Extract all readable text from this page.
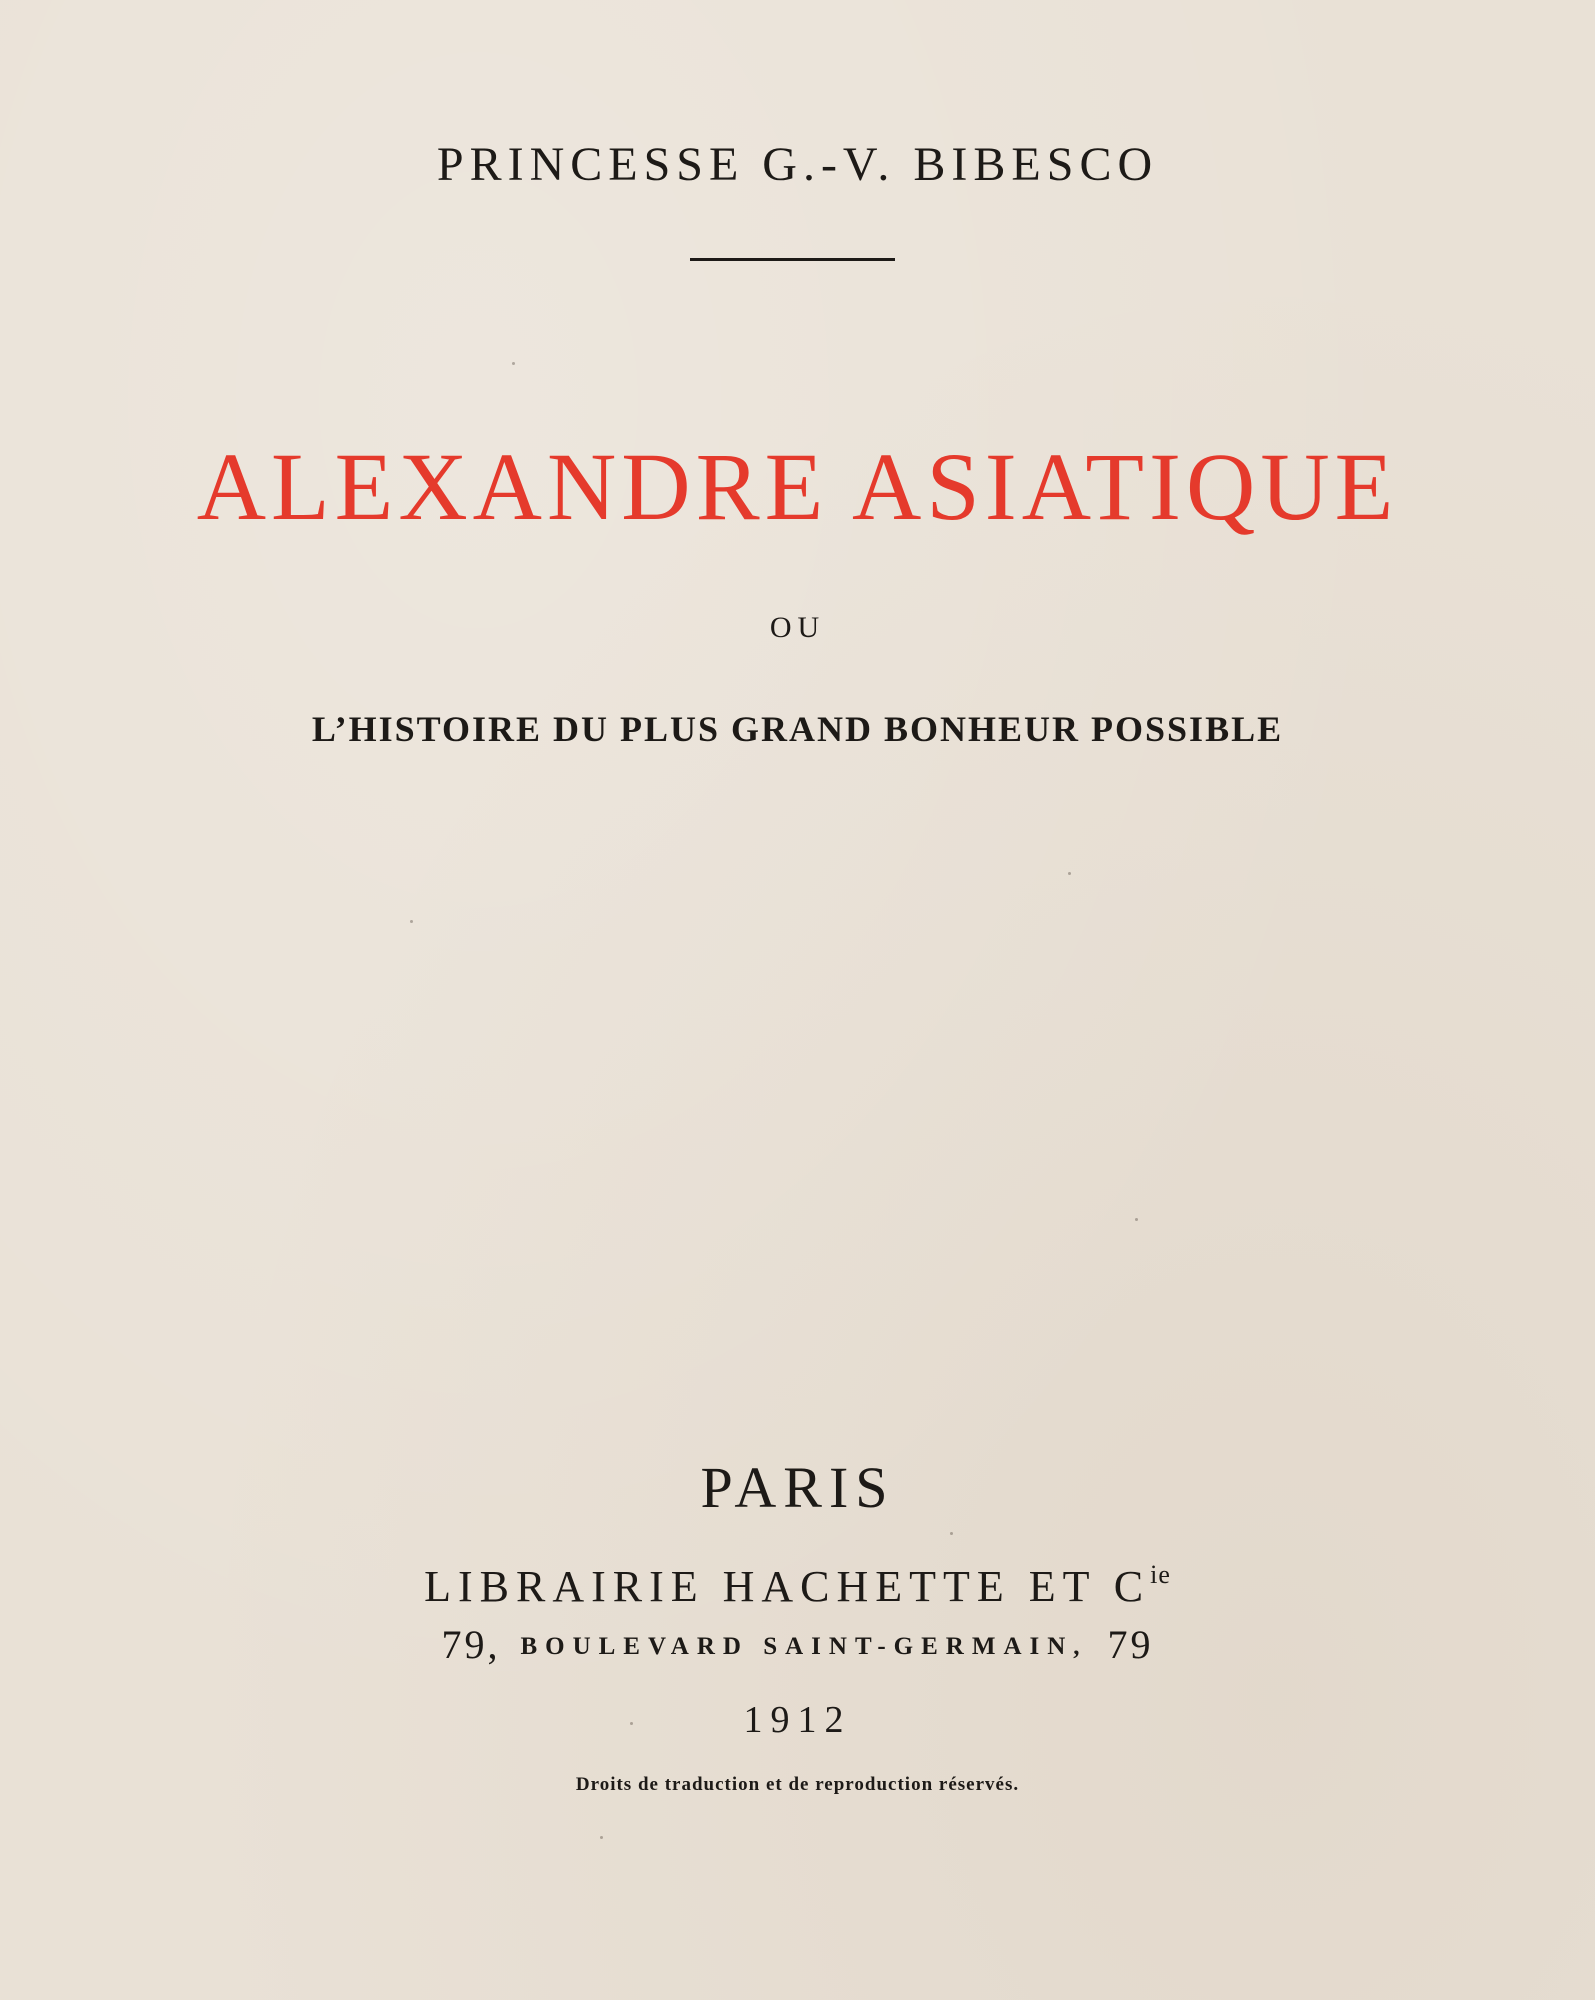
PRINCESSE G.-V. BIBESCO
ALEXANDRE ASIATIQUE
OU
L’HISTOIRE DU PLUS GRAND BONHEUR POSSIBLE
PARIS
LIBRAIRIE HACHETTE ET $C^{ie}$
79, BOULEVARD SAINT-GERMAIN, 79
1912
Droits de traduction et de reproduction réservés.
